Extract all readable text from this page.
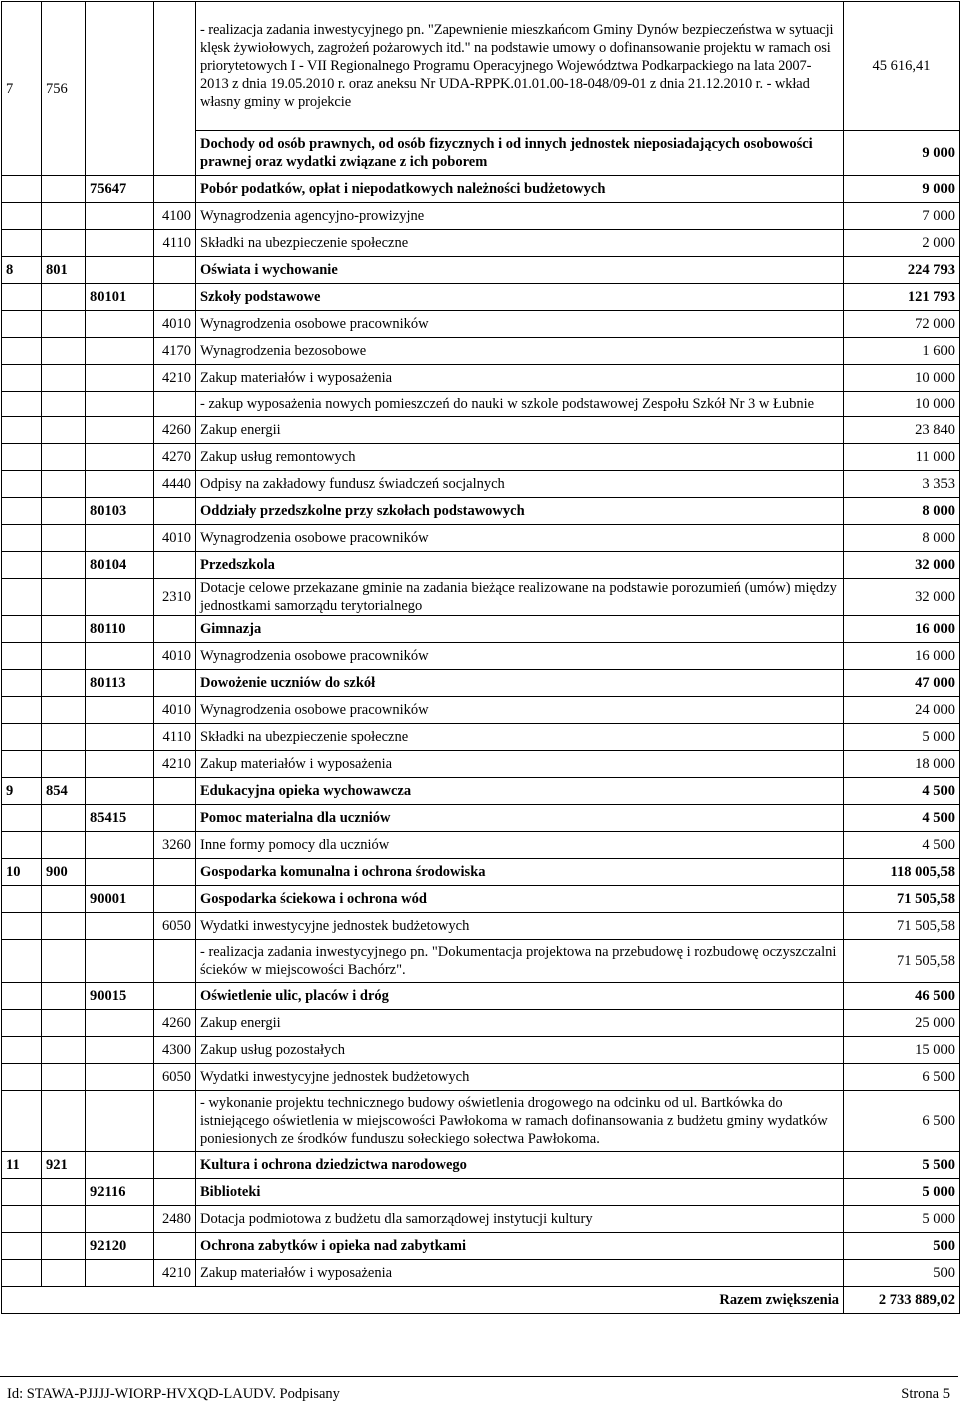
7	756			- realizacja zadania inwestycyjnego pn. "Zapewnienie mieszkańcom Gminy Dynów bezpieczeństwa w sytuacji klęsk żywiołowych, zagrożeń pożarowych itd." na podstawie umowy o dofinansowanie projektu w ramach osi priorytetowych I - VII Regionalnego Programu Operacyjnego Województwa Podkarpackiego na lata 2007-2013 z dnia 19.05.2010 r. oraz aneksu Nr UDA-RPPK.01.01.00-18-048/09-01 z dnia 21.12.2010 r. - wkład własny gminy w projekcie	45 616,41
				Dochody od osób prawnych, od osób fizycznych i od innych jednostek nieposiadających osobowości prawnej oraz wydatki związane z ich poborem	9 000
		75647		Pobór podatków, opłat i niepodatkowych należności budżetowych	9 000
			4100	Wynagrodzenia agencyjno-prowizyjne	7 000
			4110	Składki na ubezpieczenie społeczne	2 000
8	801			Oświata i wychowanie	224 793
		80101		Szkoły podstawowe	121 793
			4010	Wynagrodzenia osobowe pracowników	72 000
			4170	Wynagrodzenia bezosobowe	1 600
			4210	Zakup materiałów i wyposażenia	10 000
				- zakup wyposażenia nowych pomieszczeń do nauki w szkole podstawowej Zespołu Szkół Nr 3 w Łubnie	10 000
			4260	Zakup energii	23 840
			4270	Zakup usług remontowych	11 000
			4440	Odpisy na zakładowy fundusz świadczeń socjalnych	3 353
		80103		Oddziały przedszkolne przy szkołach podstawowych	8 000
			4010	Wynagrodzenia osobowe pracowników	8 000
		80104		Przedszkola	32 000
			2310	Dotacje celowe przekazane gminie na zadania bieżące realizowane na podstawie porozumień (umów) między jednostkami samorządu terytorialnego	32 000
		80110		Gimnazja	16 000
			4010	Wynagrodzenia osobowe pracowników	16 000
		80113		Dowożenie uczniów do szkół	47 000
			4010	Wynagrodzenia osobowe pracowników	24 000
			4110	Składki na ubezpieczenie społeczne	5 000
			4210	Zakup materiałów i wyposażenia	18 000
9	854			Edukacyjna opieka wychowawcza	4 500
		85415		Pomoc materialna dla uczniów	4 500
			3260	Inne formy pomocy dla uczniów	4 500
10	900			Gospodarka komunalna i ochrona środowiska	118 005,58
		90001		Gospodarka ściekowa i ochrona wód	71 505,58
			6050	Wydatki inwestycyjne jednostek budżetowych	71 505,58
				- realizacja zadania inwestycyjnego pn. "Dokumentacja projektowa na przebudowę i rozbudowę oczyszczalni ścieków w miejscowości Bachórz".	71 505,58
		90015		Oświetlenie ulic, placów i dróg	46 500
			4260	Zakup energii	25 000
			4300	Zakup usług pozostałych	15 000
			6050	Wydatki inwestycyjne jednostek budżetowych	6 500
				- wykonanie projektu technicznego budowy oświetlenia drogowego na odcinku od ul. Bartkówka do istniejącego oświetlenia w miejscowości Pawłokoma w ramach dofinansowania z budżetu gminy wydatków poniesionych ze środków funduszu sołeckiego sołectwa Pawłokoma.	6 500
11	921			Kultura i ochrona dziedzictwa narodowego	5 500
		92116		Biblioteki	5 000
			2480	Dotacja podmiotowa z budżetu dla samorządowej instytucji kultury	5 000
		92120		Ochrona zabytków i opieka nad zabytkami	500
			4210	Zakup materiałów i wyposażenia	500
Razem zwiększenia					2 733 889,02
Id: STAWA-PJJJJ-WIORP-HVXQD-LAUDV. Podpisany	Strona 5
